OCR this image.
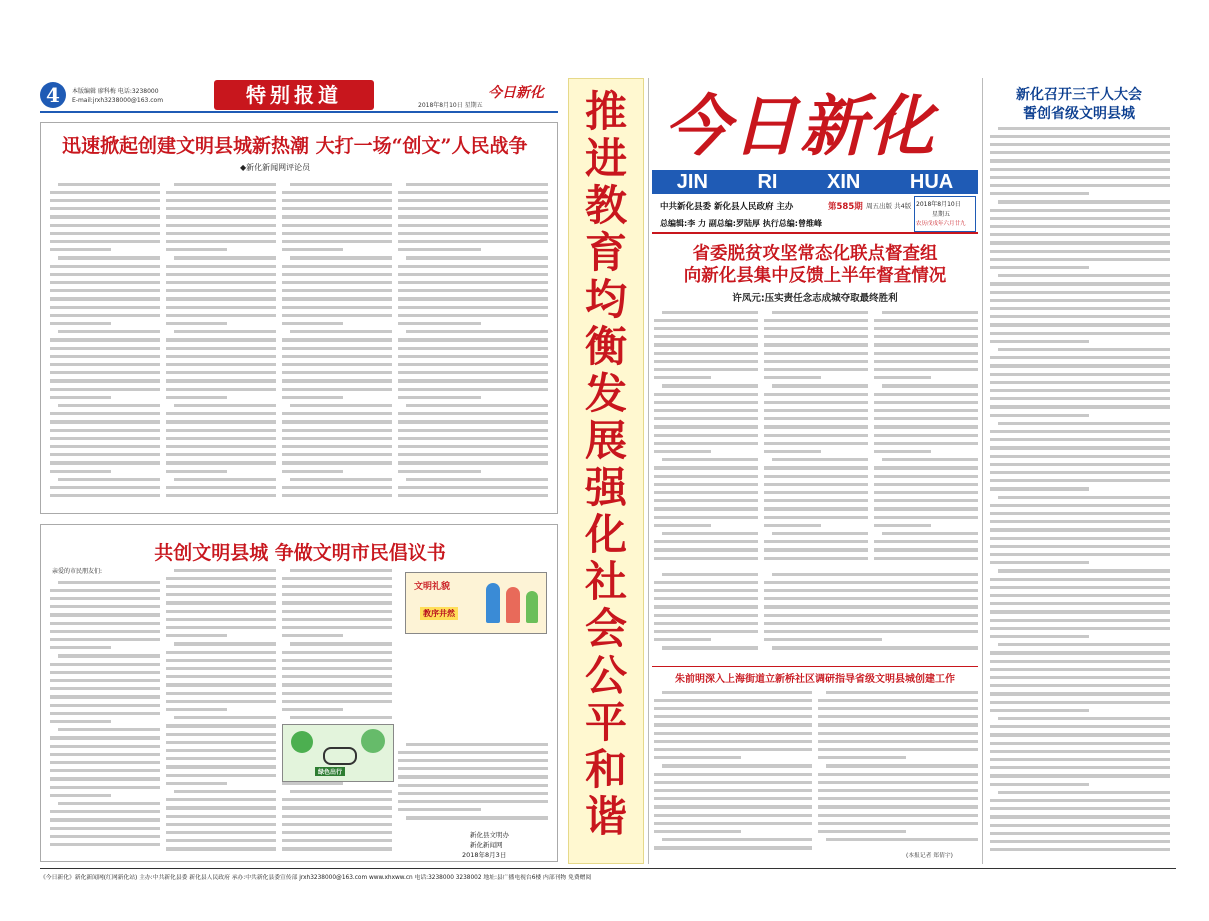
4	本版编辑 廖科梅 电话:3238000
E-mail:jrxh3238000@163.com	特别报道	2018年8月10日 星期五
今日新化
迅速掀起创建文明县城新热潮 大打一场“创文”人民战争
◆新化新闻网评论员
共创文明县城 争做文明市民倡议书
亲爱的市民朋友们:
文明礼貌
教序井然
绿色出行
新化县文明办
新化新闻网
2018年8月3日
推
进
教
育
均
衡
发
展
强
化
社
会
公
平
和
谐
今日新化
JIN RI XIN HUA
中共新化县委 新化县人民政府 主办	第585期 周五出版 共4版 2018年8月10日
星期五
农历戊戌年六月廿九
总编辑:李 力 副总编:罗陆厚 执行总编:曾维峰
省委脱贫攻坚常态化联点督查组
向新化县集中反馈上半年督查情况
许凤元:压实责任念志成城夺取最终胜利
朱前明深入上海街道立新桥社区调研指导省级文明县城创建工作
(本报记者 郑倩宇)
新化召开三千人大会
誓创省级文明县城
《今日新化》新化新闻网(红网新化站) 主办:中共新化县委 新化县人民政府 承办:中共新化县委宣传部 jrxh3238000@163.com www.xhxww.cn 电话:3238000 3238002 地址:县广播电视台6楼 内部刊物 免费赠阅
